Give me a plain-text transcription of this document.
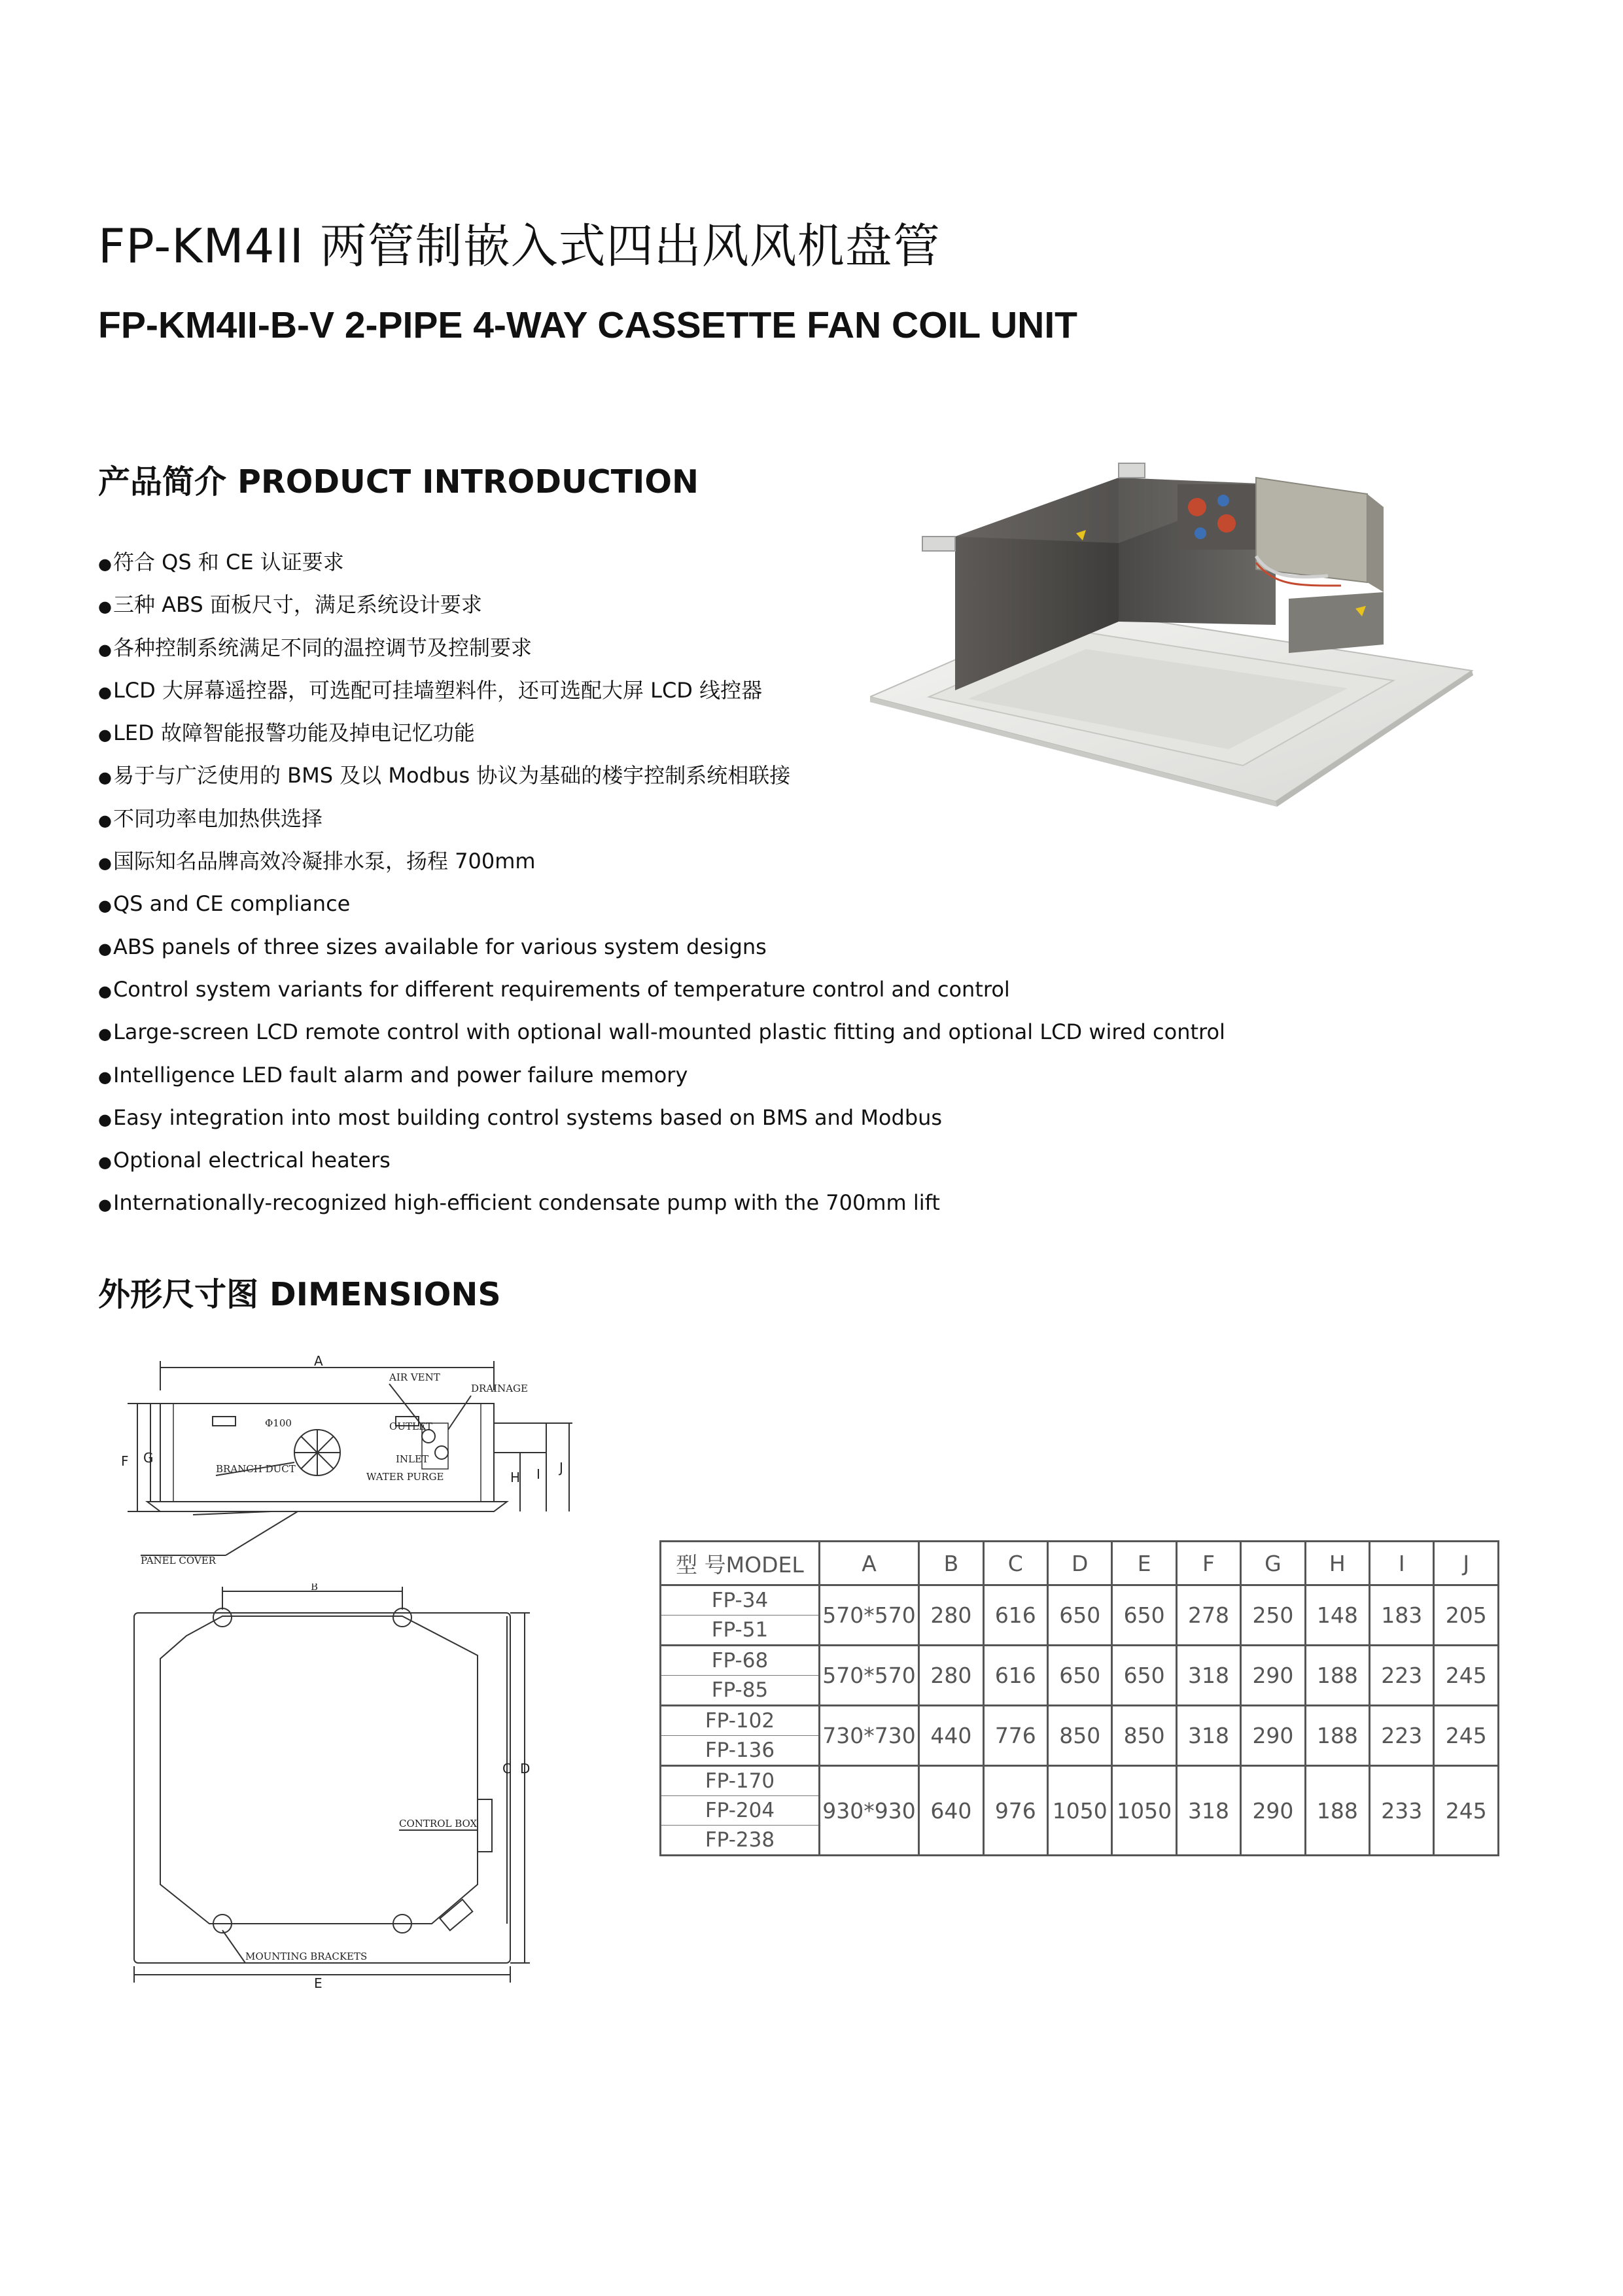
FP-KM4II 两管制嵌入式四出风风机盘管
FP-KM4II-B-V 2-PIPE 4-WAY CASSETTE FAN COIL UNIT
产品简介 PRODUCT INTRODUCTION
● 符合 QS 和 CE 认证要求
● 三种 ABS 面板尺寸，满足系统设计要求
● 各种控制系统满足不同的温控调节及控制要求
● LCD 大屏幕遥控器，可选配可挂墙塑料件，还可选配大屏 LCD 线控器
● LED 故障智能报警功能及掉电记忆功能
● 易于与广泛使用的 BMS 及以 Modbus 协议为基础的楼宇控制系统相联接
● 不同功率电加热供选择
● 国际知名品牌高效冷凝排水泵，扬程 700mm
● QS and CE compliance
● ABS panels of three sizes available for various system designs
● Control system variants for different requirements of temperature control and control
● Large-screen LCD remote control with optional wall-mounted plastic fitting and optional LCD wired control
● Intelligence LED fault alarm and power failure memory
● Easy integration into most building control systems based on BMS and Modbus
● Optional electrical heaters
● Internationally-recognized high-efficient condensate pump with the 700mm lift
外形尺寸图 DIMENSIONS
A
F G
PANEL COVER
Φ100
BRANCH DUCT
AIR VENT
DRAINAGE
OUTLET
INLET
WATER PURGE	H I J
B
CONTROL BOX
C D
MOUNTING BRACKETS
E
型 号MODEL	A	B	C	D	E	F	G	H	I	J
FP-34	570*570	280	616	650	650	278	250	148	183	205
FP-51										
FP-68	570*570	280	616	650	650	318	290	188	223	245
FP-85										
FP-102	730*730	440	776	850	850	318	290	188	223	245
FP-136										
FP-170	930*930	640	976	1050	1050	318	290	188	233	245
FP-204										
FP-238										
